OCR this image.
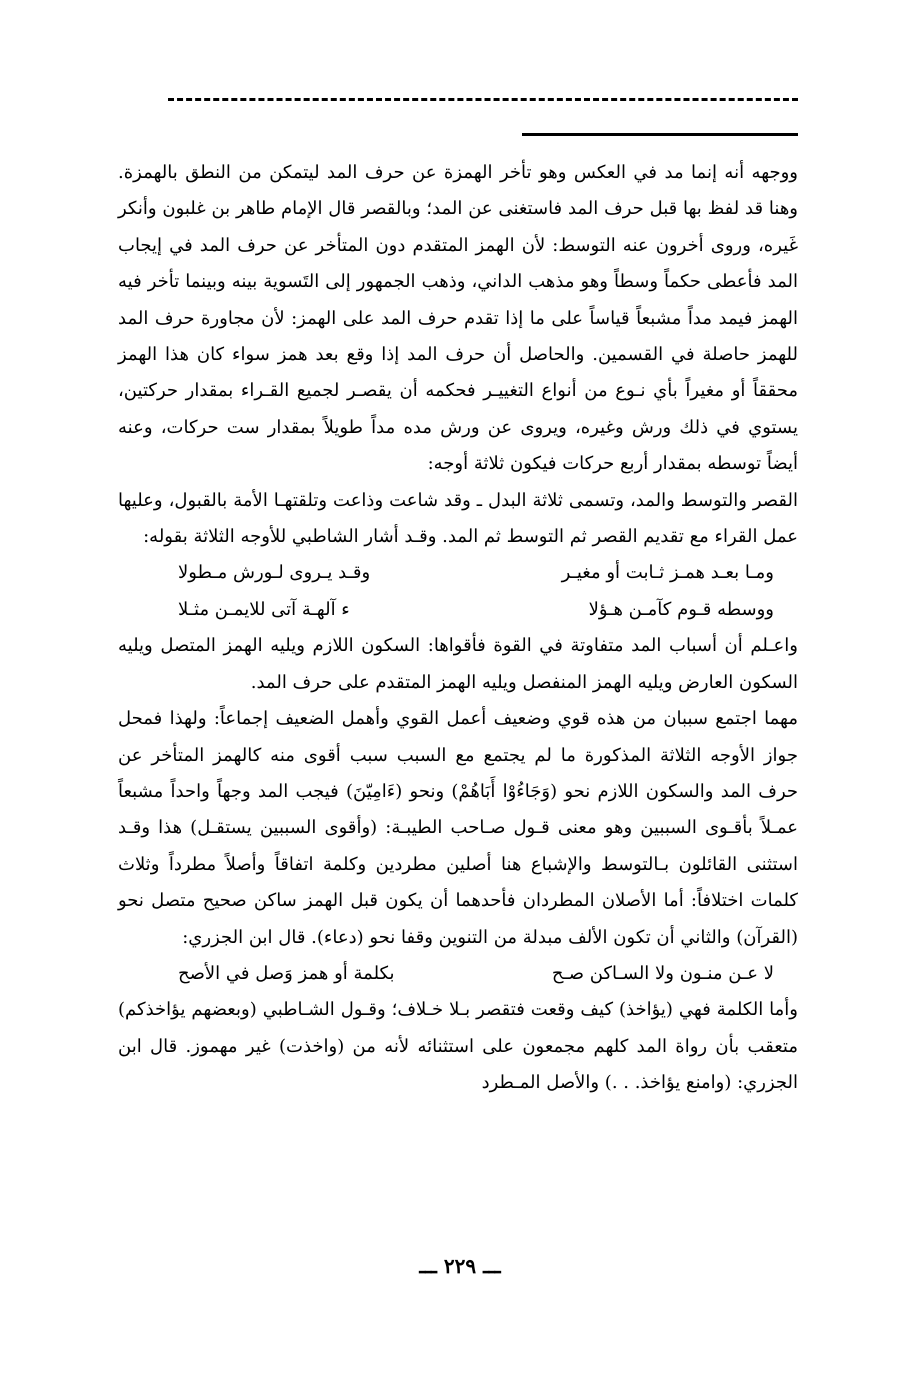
ووجهه أنه إنما مد في العكس وهو تأخر الهمزة عن حرف المد ليتمكن من النطق بالهمزة. وهنا قد لفظ بها قبل حرف المد فاستغنى عن المد؛ وبالقصر قال الإمام طاهر بن غلبون وأنكر غَيره، وروى أخرون عنه التوسط: لأن الهمز المتقدم دون المتأخر عن حرف المد في إيجاب المد فأعطى حكماً وسطاً وهو مذهب الداني، وذهب الجمهور إلى التَسوية بينه وبينما تأخر فيه الهمز فيمد مداً مشبعاً قياساً على ما إذا تقدم حرف المد على الهمز: لأن مجاورة حرف المد للهمز حاصلة في القسمين. والحاصل أن حرف المد إذا وقع بعد همز سواء كان هذا الهمز محققاً أو مغيراً بأي نـوع من أنواع التغييـر فحكمه أن يقصـر لجميع القـراء بمقدار حركتين، يستوي في ذلك ورش وغيره، ويروى عن ورش مده مداً طويلاً بمقدار ست حركات، وعنه أيضاً توسطه بمقدار أربع حركات فيكون ثلاثة أوجه:

القصر والتوسط والمد، وتسمى ثلاثة البدل ـ وقد شاعت وذاعت وتلقتهـا الأمة بالقبول، وعليها عمل القراء مع تقديم القصر ثم التوسط ثم المد. وقـد أشار الشاطبي للأوجه الثلاثة بقوله:

ومـا بعـد همـز ثـابت أو مغيـر
وقـد يـروى لـورش مـطولا
ووسطه قـوم كآمـن هـؤلا
ء آلهـة آتى للايمـن مثـلا

واعـلم أن أسباب المد متفاوتة في القوة فأقواها: السكون اللازم ويليه الهمز المتصل ويليه السكون العارض ويليه الهمز المنفصل ويليه الهمز المتقدم على حرف المد.

مهما اجتمع سببان من هذه قوي وضعيف أعمل القوي وأهمل الضعيف إجماعاً: ولهذا فمحل جواز الأوجه الثلاثة المذكورة ما لم يجتمع مع السبب سبب أقوى منه كالهمز المتأخر عن حرف المد والسكون اللازم نحو (وَجَاءُوْا أَبَاهُمْ) ونحو (ءَامِيّنَ) فيجب المد وجهاً واحداً مشبعاً عمـلاً بأقـوى السببين وهو معنى قـول صـاحب الطيبـة: (وأقوى السببين يستقـل) هذا وقـد استثنى القائلون بـالتوسط والإشباع هنا أصلين مطردين وكلمة اتفاقاً وأصلاً مطرداً وثلاث كلمات اختلافاً: أما الأصلان المطردان فأحدهما أن يكون قبل الهمز ساكن صحيح متصل نحو (القرآن) والثاني أن تكون الألف مبدلة من التنوين وقفا نحو (دعاء). قال ابن الجزري:

لا عـن منـون ولا السـاكن صـح
بكلمة أو همز وَصل في الأصح

وأما الكلمة فهي (يؤاخذ) كيف وقعت فتقصر بـلا خـلاف؛ وقـول الشـاطبي (وبعضهم يؤاخذكم) متعقب بأن رواة المد كلهم مجمعون على استثنائه لأنه من (واخذت) غير مهموز. قال ابن الجزري: (وامنع يؤاخذ. . .) والأصل المـطرد

ـــ ٢٢٩ ـــ
